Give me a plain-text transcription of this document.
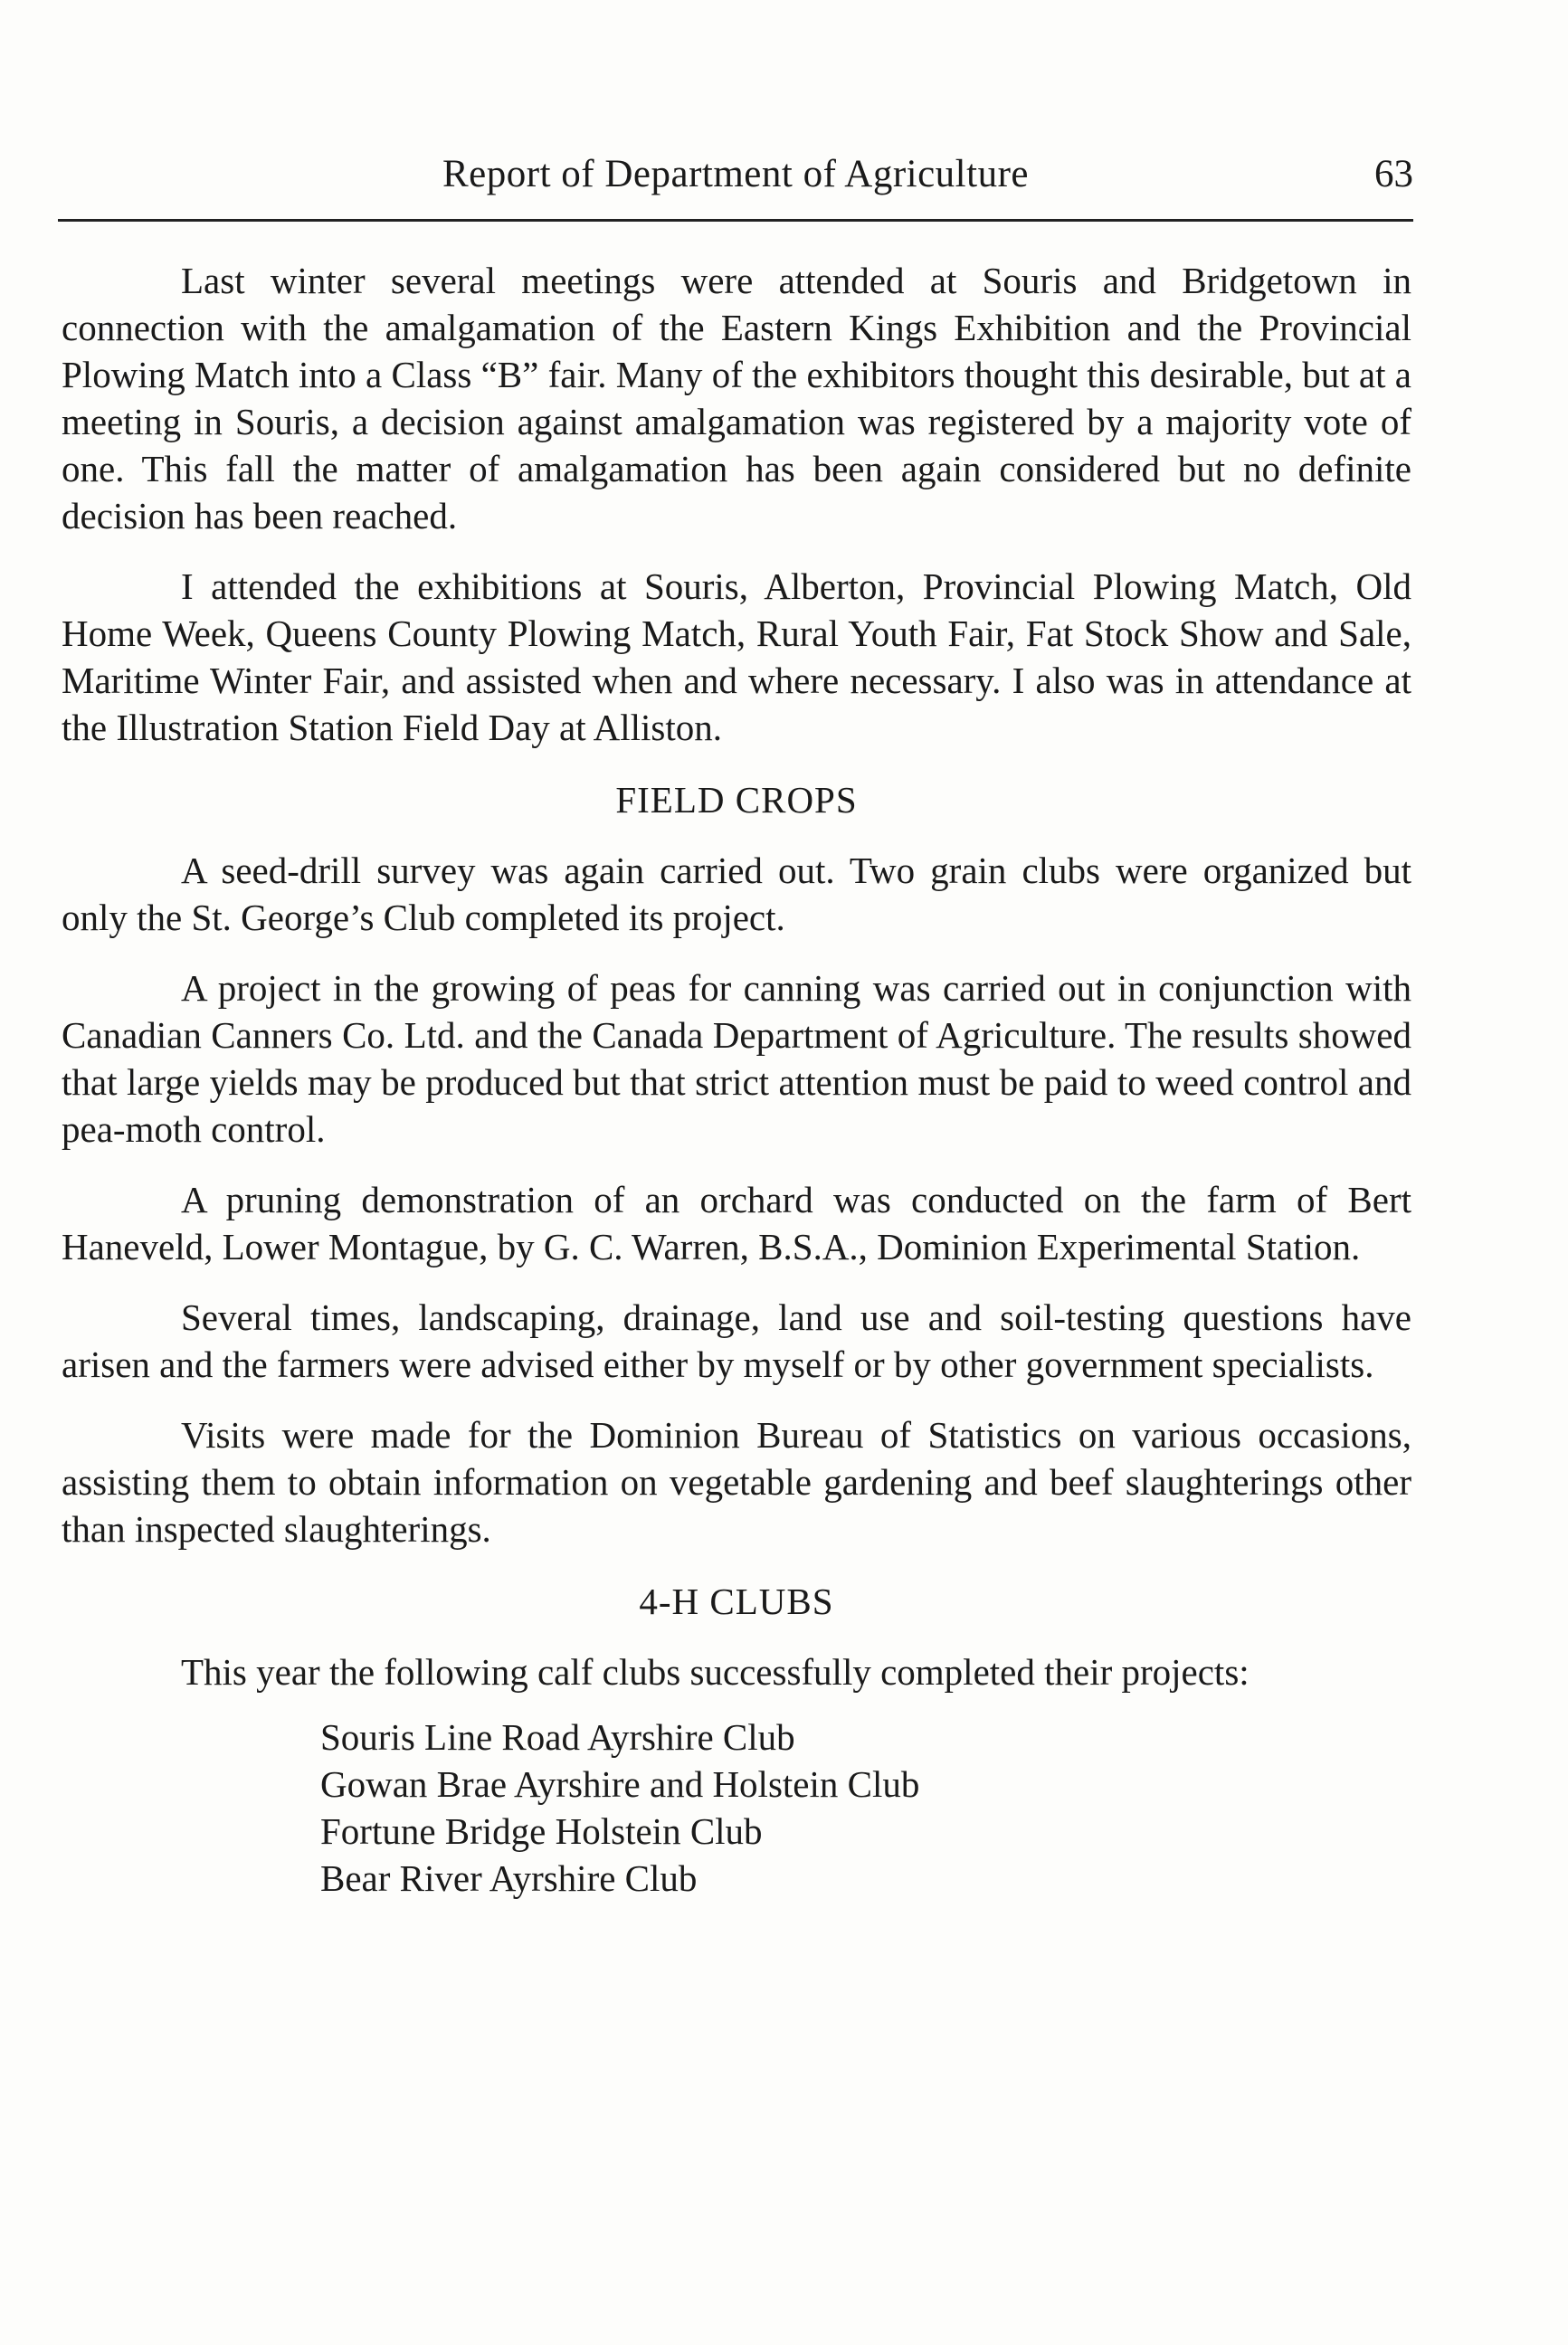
Report of Department of Agriculture	63

Last winter several meetings were attended at Souris and Bridgetown in connection with the amalgamation of the Eastern Kings Exhibition and the Provincial Plowing Match into a Class “B” fair. Many of the exhibitors thought this desirable, but at a meeting in Souris, a decision against amalgamation was registered by a majority vote of one. This fall the matter of amalgamation has been again considered but no definite decision has been reached.

I attended the exhibitions at Souris, Alberton, Provincial Plowing Match, Old Home Week, Queens County Plowing Match, Rural Youth Fair, Fat Stock Show and Sale, Maritime Winter Fair, and assisted when and where necessary. I also was in attendance at the Illustration Station Field Day at Alliston.

FIELD CROPS

A seed-drill survey was again carried out. Two grain clubs were organized but only the St. George’s Club completed its project.

A project in the growing of peas for canning was carried out in conjunction with Canadian Canners Co. Ltd. and the Canada Department of Agriculture. The results showed that large yields may be produced but that strict attention must be paid to weed control and pea-moth control.

A pruning demonstration of an orchard was conducted on the farm of Bert Haneveld, Lower Montague, by G. C. Warren, B.S.A., Dominion Experimental Station.

Several times, landscaping, drainage, land use and soil-testing questions have arisen and the farmers were advised either by myself or by other government specialists.

Visits were made for the Dominion Bureau of Statistics on various occasions, assisting them to obtain information on vegetable gardening and beef slaughterings other than inspected slaughterings.

4-H CLUBS

This year the following calf clubs successfully completed their projects:

Souris Line Road Ayrshire Club
Gowan Brae Ayrshire and Holstein Club
Fortune Bridge Holstein Club
Bear River Ayrshire Club
